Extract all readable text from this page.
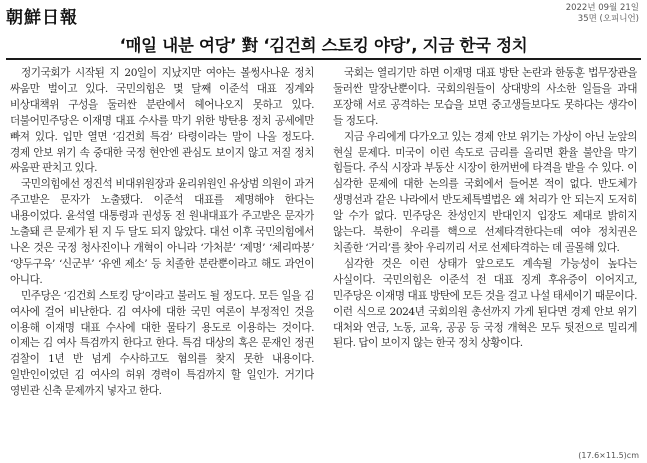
朝鮮日報	2022년 09월 21일
35면 (오피니언)
‘매일 내분 여당’ 對 ‘김건희 스토킹 야당’, 지금 한국 정치

정기국회가 시작된 지 20일이 지났지만 여야는 볼썽사나운 정치 싸움만 벌이고 있다. 국민의힘은 몇 달째 이준석 대표 징계와 비상대책위 구성을 둘러싼 분란에서 헤어나오지 못하고 있다. 더불어민주당은 이재명 대표 수사를 막기 위한 방탄용 정치 공세에만 빠져 있다. 입만 열면 ‘김건희 특검’ 타령이라는 말이 나올 정도다. 경제 안보 위기 속 중대한 국정 현안엔 관심도 보이지 않고 저질 정치 싸움판 판치고 있다.

국민의힘에선 정진석 비대위원장과 윤리위원인 유상범 의원이 과거 주고받은 문자가 노출됐다. 이준석 대표를 제명해야 한다는 내용이었다. 윤석열 대통령과 권성동 전 원내대표가 주고받은 문자가 노출돼 큰 문제가 된 지 두 달도 되지 않았다. 대선 이후 국민의힘에서 나온 것은 국정 청사진이나 개혁이 아니라 ‘가처분’ ‘제명’ ‘체리따봉’ ‘양두구육’ ‘신군부’ ‘유엔 제소’ 등 치졸한 분란뿐이라고 해도 과언이 아니다.

민주당은 ‘김건희 스토킹 당’이라고 불러도 될 정도다. 모든 일을 김 여사에 걸어 비난한다. 김 여사에 대한 국민 여론이 부정적인 것을 이용해 이재명 대표 수사에 대한 물타기 용도로 이용하는 것이다. 이제는 김 여사 특검까지 한다고 한다. 특검 대상의 혹은 문재인 정권 검찰이 1년 반 넘게 수사하고도 혐의를 찾지 못한 내용이다. 일반인이었던 김 여사의 허위 경력이 특검까지 할 일인가. 거기다 영빈관 신축 문제까지 넣자고 한다.

국회는 열리기만 하면 이재명 대표 방탄 논란과 한동훈 법무장관을 둘러싼 말장난뿐이다. 국회의원들이 상대방의 사소한 일들을 과대 포장해 서로 공격하는 모습을 보면 중고생들보다도 못하다는 생각이 들 정도다.

지금 우리에게 다가오고 있는 경제 안보 위기는 가상이 아닌 눈앞의 현실 문제다. 미국이 이런 속도로 금리를 올리면 환율 불안을 막기 힘들다. 주식 시장과 부동산 시장이 한꺼번에 타격을 받을 수 있다. 이 심각한 문제에 대한 논의를 국회에서 들어본 적이 없다. 반도체가 생명선과 같은 나라에서 반도체특별법은 왜 처리가 안 되는지 도저히 알 수가 없다. 민주당은 찬성인지 반대인지 입장도 제대로 밝히지 않는다. 북한이 우리를 핵으로 선제타격한다는데 여야 정치권은 치졸한 ‘거리’를 찾아 우리끼리 서로 선제타격하는 데 골몰해 있다.

심각한 것은 이런 상태가 앞으로도 계속될 가능성이 높다는 사실이다. 국민의힘은 이준석 전 대표 징계 후유증이 이어지고, 민주당은 이재명 대표 방탄에 모든 것을 걸고 나설 태세이기 때문이다. 이런 식으로 2024년 국회의원 총선까지 가게 된다면 경제 안보 위기 대처와 연금, 노동, 교육, 공공 등 국정 개혁은 모두 뒷전으로 밀리게 된다. 답이 보이지 않는 한국 정치 상황이다.

(17.6×11.5)cm
